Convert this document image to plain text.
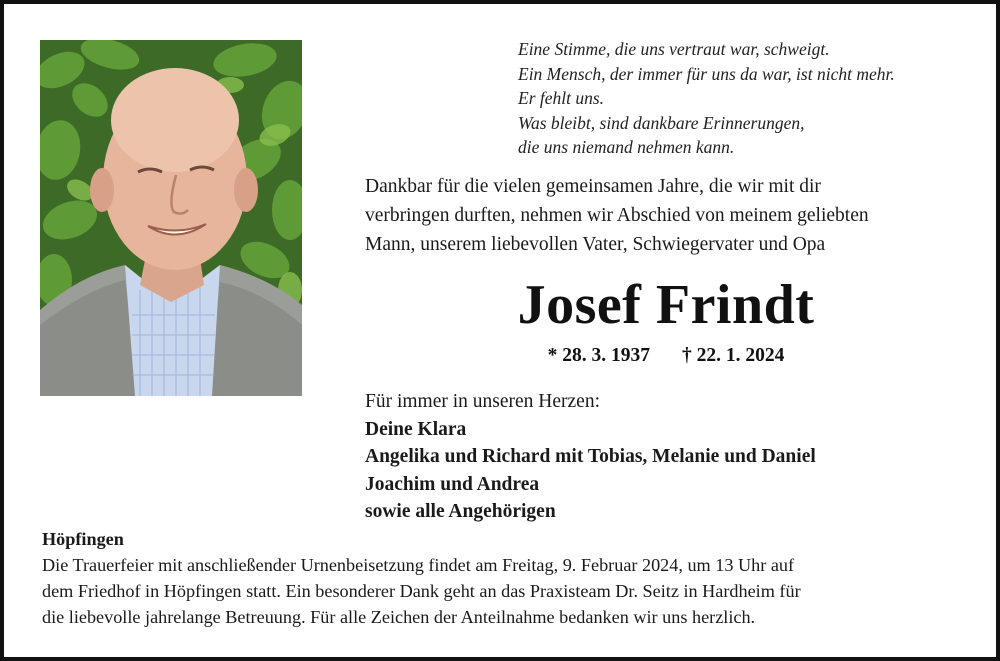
Eine Stimme, die uns vertraut war, schweigt.
Ein Mensch, der immer für uns da war, ist nicht mehr.
Er fehlt uns.
Was bleibt, sind dankbare Erinnerungen,
die uns niemand nehmen kann.
Dankbar für die vielen gemeinsamen Jahre, die wir mit dir
verbringen durften, nehmen wir Abschied von meinem geliebten
Mann, unserem liebevollen Vater, Schwiegervater und Opa
Josef Frindt
* 28. 3. 1937 † 22. 1. 2024
Für immer in unseren Herzen:
Deine Klara
Angelika und Richard mit Tobias, Melanie und Daniel
Joachim und Andrea
sowie alle Angehörigen
Höpfingen
Die Trauerfeier mit anschließender Urnenbeisetzung findet am Freitag, 9. Februar 2024, um 13 Uhr auf
dem Friedhof in Höpfingen statt. Ein besonderer Dank geht an das Praxisteam Dr. Seitz in Hardheim für
die liebevolle jahrelange Betreuung. Für alle Zeichen der Anteilnahme bedanken wir uns herzlich.
